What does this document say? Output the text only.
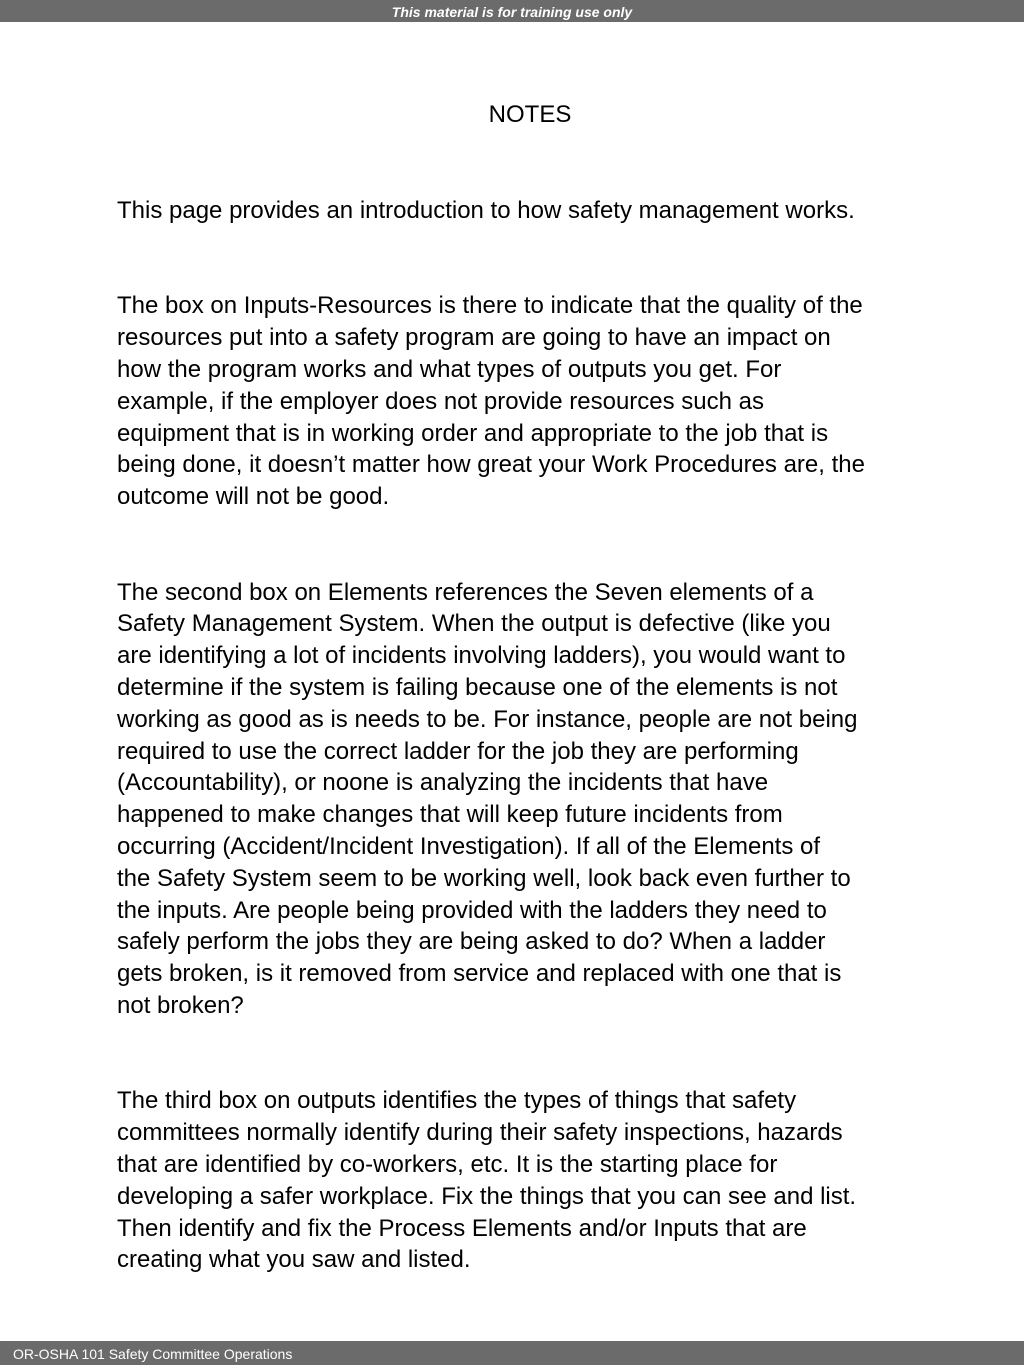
This material is for training use only
NOTES

This page provides an introduction to how safety management works.

The box on Inputs-Resources is there to indicate that the quality of the
resources put into a safety program are going to have an impact on
how the program works and what types of outputs you get. For
example, if the employer does not provide resources such as
equipment that is in working order and appropriate to the job that is
being done, it doesn’t matter how great your Work Procedures are, the
outcome will not be good.

The second box on Elements references the Seven elements of a
Safety Management System. When the output is defective (like you
are identifying a lot of incidents involving ladders), you would want to
determine if the system is failing because one of the elements is not
working as good as is needs to be. For instance, people are not being
required to use the correct ladder for the job they are performing
(Accountability), or noone is analyzing the incidents that have
happened to make changes that will keep future incidents from
occurring (Accident/Incident Investigation). If all of the Elements of
the Safety System seem to be working well, look back even further to
the inputs. Are people being provided with the ladders they need to
safely perform the jobs they are being asked to do? When a ladder
gets broken, is it removed from service and replaced with one that is
not broken?

The third box on outputs identifies the types of things that safety
committees normally identify during their safety inspections, hazards
that are identified by co-workers, etc. It is the starting place for
developing a safer workplace. Fix the things that you can see and list.
Then identify and fix the Process Elements and/or Inputs that are
creating what you saw and listed.

OR-OSHA 101 Safety Committee Operations
